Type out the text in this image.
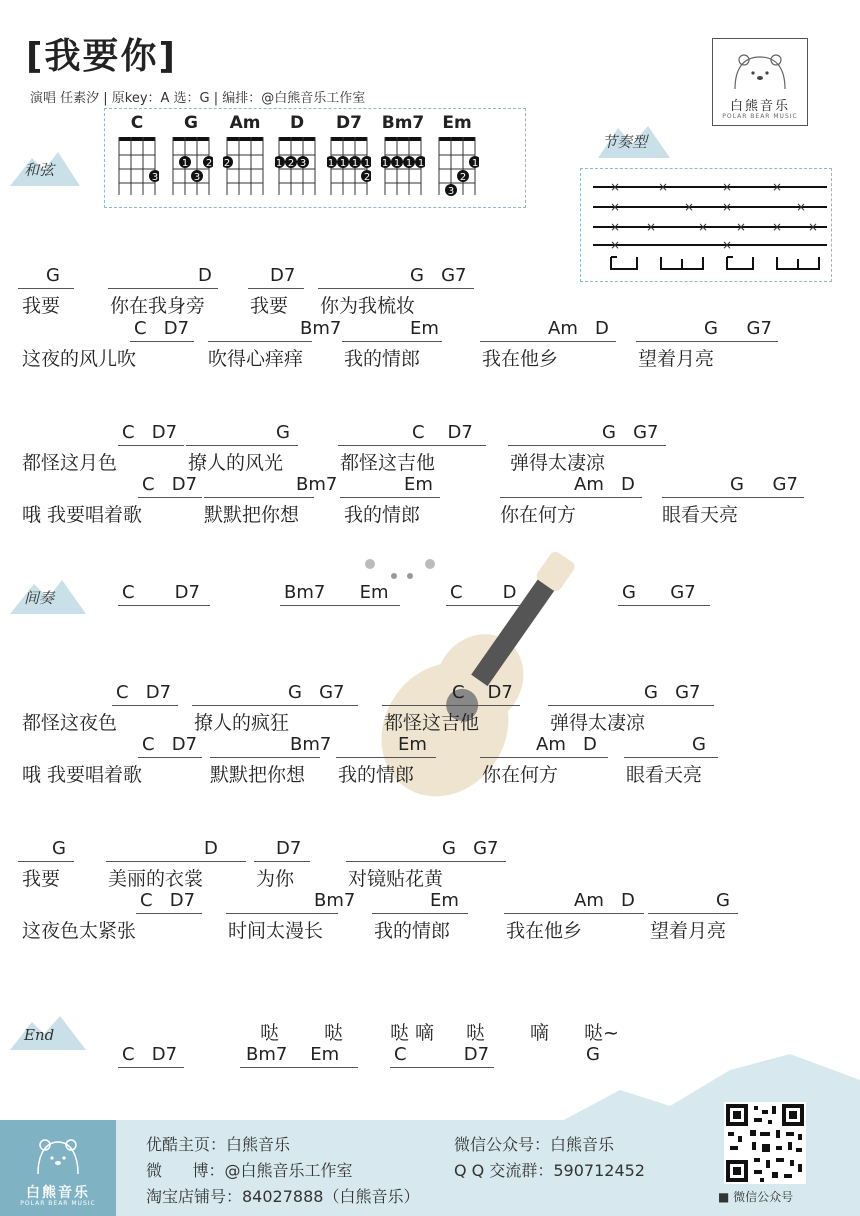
[我要你]
演唱 任素汐 | 原key：A 选：G | 编排：@白熊音乐工作室
白熊音乐
POLAR BEAR MUSIC
和弦
C
3
G
1 2
3
Am
2
D
1 2 3
D7
1 1 1 1
2
Bm7
1 1 1 1
Em
1
2
3
节奏型
×	×	×	×
×	× ×	×
× ×	× × × ×
×	×
G	D	D7	G   G7
我要	你在我身旁 我要 你为我梳妆
C   D7	Bm7	Em	Am   D	G     G7
这夜的风儿吹	吹得心痒痒 我的情郎	我在他乡	望着月亮
C   D7	G	C    D7	G   G7
都怪这月色	撩人的风光	都怪这吉他	弹得太凄凉
C   D7	Bm7	Em	Am   D	G     G7
哦 我要唱着歌	默默把你想 我的情郎	你在何方	眼看天亮
间奏	C       D7	Bm7      Em	C       D	G      G7
C   D7	G   G7	C    D7	G   G7
都怪这夜色	撩人的疯狂	都怪这吉他	弹得太凄凉
C   D7	Bm7	Em	Am   D	G
哦 我要唱着歌	默默把你想 我的情郎	你在何方	眼看天亮
G	D	D7	G   G7
我要	美丽的衣裳	为你	对镜贴花黄
C   D7	Bm7	Em	Am   D	G
这夜色太紧张	时间太漫长	我的情郎	我在他乡	望着月亮
End	哒 哒 哒 嘀 哒 嘀 哒~
C   D7	Bm7    Em	C          D7	G
白熊音乐
POLAR BEAR MUSIC
优酷主页：白熊音乐
微      博：@白熊音乐工作室
淘宝店铺号：84027888（白熊音乐）
微信公众号：白熊音乐
Q Q 交流群：590712452
■ 微信公众号
